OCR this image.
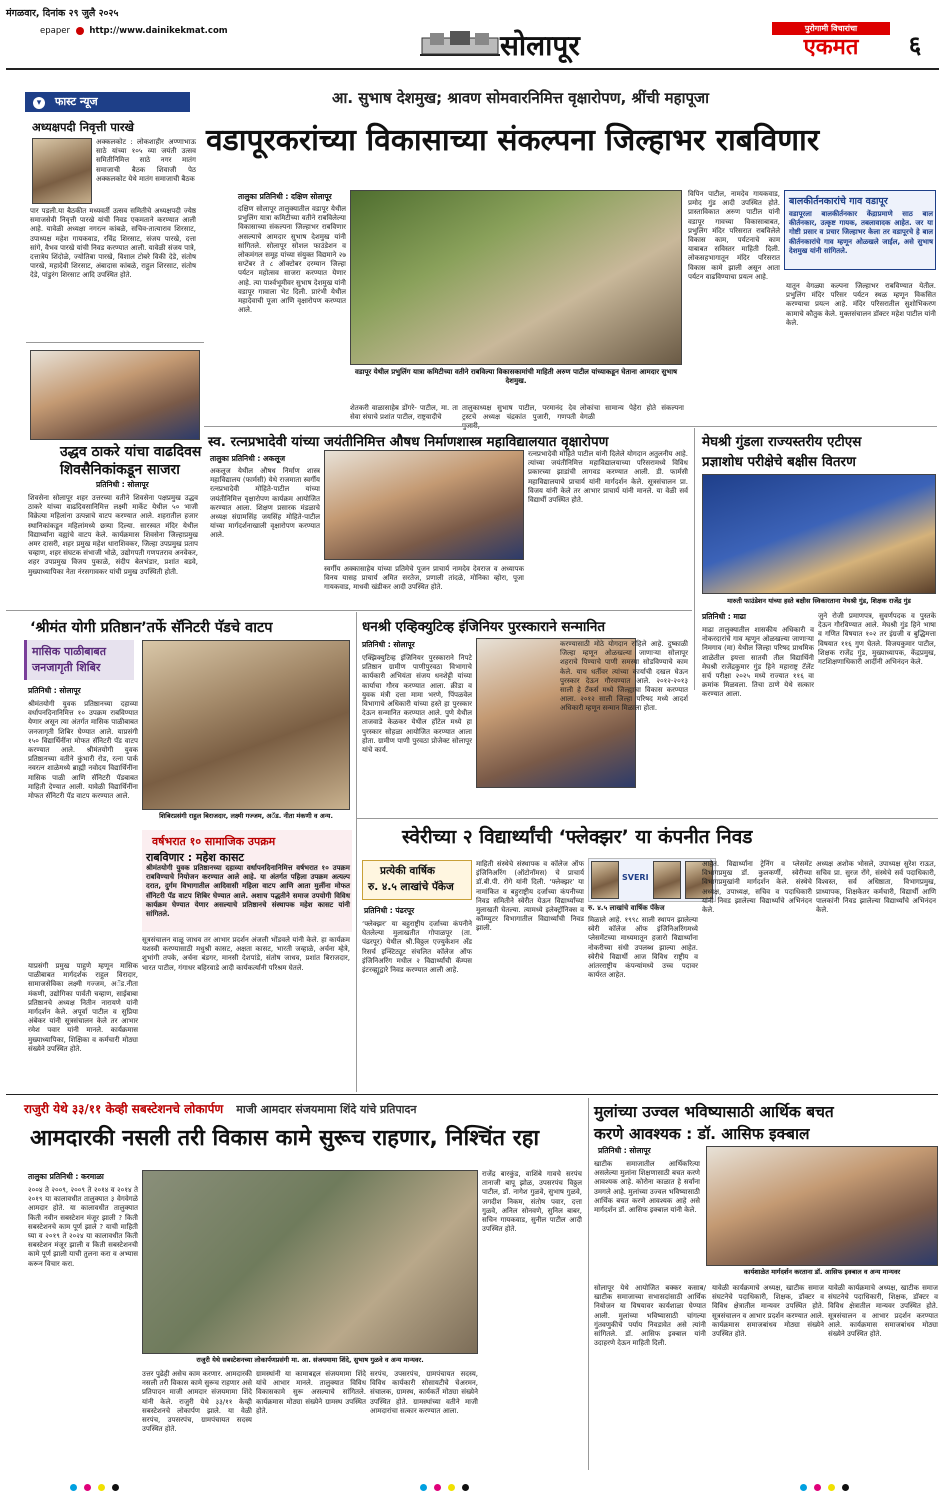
मंगळवार, दिनांक २९ जुलै २०२५
epaper http://www.dainikekmat.com	सोलापूर
पुरोगामी विचारांचा
एकमत	६
▾ फास्ट न्यूज
अध्यक्षपदी निवृत्ती पारखे
अक्कलकोट : लोकशाहीर अण्णाभाऊ साठे यांच्या १०५ व्या जयंती उत्सव समितीनिमित्त साठे नगर मातंग समाजाची बैठक शिवाजी पेठ अक्कलकोट येथे मातंग समाजाची बैठक
पार पडली.या बैठकीत मध्यवर्ती उत्सव समितीचे अध्यक्षपदी ज्येष्ठ समाजसेवी निवृत्ती पारखे यांची निवड एकमताने करण्यात आली आहे. यावेळी अध्यक्षा नगरत्न कांबळे, सचिव-तात्याराव शिरसाट, उपाध्यक्ष महेश गायकवाड, रविंद्र शिरसाट, संजय पारखे, दत्ता सांगे, वैभव पारखे यांची निवड करण्यात आली. यावेळी संजय पात्रे, दत्तात्रेय शिंदोळे, ज्योतिबा पारखे, विशाल टोबरे विकी देडे, संतोष पारखे, महादेवी शिरसाट, अंबादास कांबळे, राहुल शिरसाट, संतोष देडे, पांडुरंग शिरसाट आदि उपस्थित होते.
आ. सुभाष देशमुख; श्रावण सोमवारनिमित्त वृक्षारोपण, श्रींची महापूजा
वडापूरकरांच्या विकासाच्या संकल्पना जिल्हाभर राबविणार
तालुका प्रतिनिधी : दक्षिण सोलापूर
दक्षिण सोलापूर तालुक्यातील वडापूर येथील प्रभुलिंग यात्रा कमिटीच्या वतीने राबविलेल्या विकासाच्या संकल्पना जिल्हाभर राबविणार असल्याचे आमदार सुभाष देशमुख यांनी सांगितले. सोलापूर सोशल फाउंडेशन व लोकमंगल समूह यांच्या संयुक्त विद्यमाने २७ सप्टेंबर ते ८ ऑक्टोबर दरम्यान जिल्हा पर्यटन महोत्सव साजरा करण्यात येणार आहे. त्या पार्श्वभूमीवर सुभाष देशमुख यांनी वडापूर गावाला भेट दिली. प्रारंभी येथील महादेवाची पूजा आणि वृक्षारोपण करण्यात आले.
वडापूर येथील प्रभुलिंग यात्रा कमिटीच्या वतीने राबविल्या विकासकामांची माहिती अरुण पाटील यांच्याकडून घेताना आमदार सुभाष देशमुख.
विपिन पाटील, नामदेव गायकवाड, प्रमोद गुंड आदी उपस्थित होते. प्रास्ताविकात अरुण पाटील यांनी वडापूर गावच्या विकासाबाबत, प्रभुलिंग मंदिर परिसरात राबविलेले विकास काम, पर्यटनाचे काम याबाबत सविस्तर माहिती दिली. लोकसहभागातून मंदिर परिसरात विकास कामे झाली असून आता पर्यटन वाढविण्याचा प्रयत्न आहे.
शेतकरी वाळासाहेब डोंगरे- पाटील, मा. ता सेवा संघाचे प्रशांत पाटील, राष्ट्रवादीचे
तालुकाध्यक्ष सुभाष पाटील, परमानंद देव ट्रस्टचे अध्यक्ष चंद्रकांत पुजारी, गणपती
लोकांचा सामान्य पेहेरा होते संकल्पना वेगळी
बालकीर्तनकारांचे गाव वडापूर
वडापूरला बालकीर्तनकार केंद्राप्रमाणे साठ बाल कीर्तनकार, उत्कृष्ट गायक, तबलावादक आहेत. जर या गोष्टी प्रसार व प्रचार जिल्हाभर केला तर वडापूरचे हे बाल कीर्तनकारांचे गाव म्हणून ओळखले जाईल, असे सुभाष देशमुख यांनी सांगितले.
यातून वेगळ्या कल्पना जिल्हाभर राबविण्यात येतील. प्रभुलिंग मंदिर परिसर पर्यटन स्थळ म्हणून विकसित करण्याचा प्रयत्न आहे. मंदिर परिसरातील सुशोभिकरण कामाचे कौतुक केले. मुक्तसंचालन डॉक्टर महेश पाटील यांनी केले.
उद्धव ठाकरे यांचा वाढदिवस
शिवसैनिकांकडून साजरा
प्रतिनिधी : सोलापूर
शिवसेना सोलापूर शहर उत्तरच्या वतीने शिवसेना पक्षप्रमुख उद्धव ठाकरे यांच्या वाढदिवसानिमित्त लक्ष्मी मार्केट येथील ५० भाजी विक्रेत्या महिलांना उत्पन्नाचे वाटप करण्यात आले. शहरातील हजार स्थानिकांकडून महिलांमध्ये छत्र्या दिल्या. सारस्वत मंदिर येथील विद्यार्थ्यांना वह्यांचे वाटप केले. कार्यक्रमास शिवसेना जिल्हाप्रमुख अमर दासरी, शहर प्रमुख महेश धाराशिवकर, जिल्हा उपप्रमुख प्रताप चव्हाण, शहर संघटक संभाजी भोळे, उद्योगपती गणपतराव अनवेकर, शहर उपप्रमुख विजय पुकाळे, संदीप बेलभंडार, प्रशांत बडवे, मुख्याध्यापिका नेता नंरसगावकर यांची प्रमुख उपस्थिती होती.
स्व. रत्नप्रभादेवी यांच्या जयंतीनिमित्त औषध निर्माणशास्त्र महाविद्यालयात वृक्षारोपण
तालुका प्रतिनिधी : अकलूज
अकलूज येथील औषध निर्माण शास्त्र महाविद्यालय (फार्मसी) येथे राजमाता स्वर्गीय रत्नप्रभादेवी मोहिते-पाटील यांच्या जयंतीनिमित्त वृक्षारोपण कार्यक्रम आयोजित करण्यात आला. शिक्षण प्रसारक मंडळाचे अध्यक्ष संग्रामसिंह जयसिंह मोहिते-पाटील यांच्या मार्गदर्शनाखाली वृक्षारोपण करण्यात आले.
स्वर्गीय अक्कासाहेब यांच्या प्रतिमेचे पूजन प्राचार्य नामदेव देवराज व अध्यापक विनय यासह प्राचार्य अमित सरतेज, प्रणाली तांदळे, मोनिका व्होरा, पूजा गायकवाड, माधवी खंडीकर आदी उपस्थित होते.
रत्नप्रभादेवी मोहिते पाटील यांनी दिलेले योगदान अतुलनीय आहे. त्यांच्या जयंतीनिमित्त महाविद्यालयाच्या परिसरामध्ये विविध प्रकारच्या झाडांची लागवड करण्यात आली. डी. फार्मसी महाविद्यालयाचे प्राचार्य यांनी मार्गदर्शन केले. सूत्रसंचालन प्रा. विजय यांनी केले तर आभार प्राचार्य यांनी मानले. या वेळी सर्व विद्यार्थी उपस्थित होते.
मेघश्री गुंडला राज्यस्तरीय एटीएस
प्रज्ञाशोध परीक्षेचे बक्षीस वितरण
मारुती फाउंडेशन यांच्या हस्ते बक्षीस स्विकारताना मेघश्री गुंड, शिक्षक राजेंद्र गुंड
प्रतिनिधी : माढा
माढा तालुक्यातील शासकीय अधिकारी व नोकरदारांचे गाव म्हणून ओळखल्या जाणाऱ्या निमगाव (मा) येथील जिल्हा परिषद प्राथमिक शाळेतील इयत्ता सातवी तील विद्यार्थिनी मेघश्री राजेंद्रकुमार गुंड हिने महाराष्ट्र टॅलेंट सर्च परीक्षा २०२५ मध्ये राज्यात ११६ वा क्रमांक मिळवला. तिचा ठाणे येथे सत्कार करण्यात आला.
जुने रोजी प्रमाणपत्र, सुवर्णपदक व पुस्तके देऊन गौरविण्यात आले. मेघश्री गुंड हिने भाषा व गणित विषयात १०२ तर इंग्रजी व बुद्धिमत्ता विषयात ११६ गुण घेतले. विजयकुमार पाटील, शिक्षक राजेंद्र गुंड, मुख्याध्यापक, केंद्रप्रमुख, गटशिक्षणाधिकारी आदींनी अभिनंदन केले.
‘श्रीमंत योगी प्रतिष्ठान’तर्फे सॅनिटरी पॅडचे वाटप
मासिक पाळीबाबत
जनजागृती शिबिर
प्रतिनिधी : सोलापूर
श्रीमंतयोगी युवक प्रतिष्ठानच्या दहाव्या वर्धापनदिनानिमित्त १० उपक्रम राबविण्यात येणार असून त्या अंतर्गत मासिक पाळीबाबत जनजागृती शिबिर घेण्यात आले. याप्रसंगी १५० विद्यार्थिनींना मोफत सॅनिटरी पॅड वाटप करण्यात आले. श्रीमंतयोगी युवक प्रतिष्ठानच्या वतीने कुंभारी रोड, रत्ना पार्क नवरत्न शाळेमध्ये ब्राह्मी नवोदय विद्यार्थिनींना मासिक पाळी आणि सॅनिटरी पॅडबाबत माहिती देण्यात आली. यावेळी विद्यार्थिनींना मोफत सॅनिटरी पॅड वाटप करण्यात आले.
याप्रसंगी प्रमुख पाहुणे म्हणून मासिक पाळीबाबत मार्गदर्शक राहुल विरादार, सामाजसेविका लक्ष्मी गज्जम, अॅड.नीता मंकणी, उद्योगिका पार्वती चव्हाण, साईबाबा प्रतिष्ठानचे अध्यक्ष नितीन नारायणे यांनी मार्गदर्शन केले. अपूर्वा पाटील व सुप्रिया अंबेकर यांनी सूत्रसंचालन केले तर आभार रमेश पवार यांनी मानले. कार्यक्रमास मुख्याध्यापिका, शिक्षिका व कर्मचारी मोठ्या संख्येने उपस्थित होते.
शिबिरप्रसंगी राहुल बिराजदार, लक्ष्मी गज्जम, अॅड. नीता मंकणी व अन्य.
वर्षभरात १० सामाजिक उपक्रम
राबविणार : महेश कासट
श्रीमंतयोगी युवक प्रतिष्ठानच्या दहाव्या वर्धापनदिनानिमित्त वर्षभरात १० उपक्रम राबविण्याचे नियोजन करण्यात आले आहे. या अंतर्गत पहिला उपक्रम अत्यल्प दरात, दुर्गम विभागातील आदिवासी महिला वाटप आणि आता मुलींना मोफत सॅनिटरी पॅड वाटप शिबिर घेण्यात आले. अशाच पद्धतीने समाज उपयोगी विविध कार्यक्रम घेण्यात येणार असल्याचे प्रतिष्ठानचे संस्थापक महेश कासट यांनी सांगितले.
सूत्रसंचालन वाळू जाधव तर आभार प्रदर्शन अंजली भोंडवले यांनी केले. हा कार्यक्रम यशस्वी करण्यासाठी मधुश्री कासट, अक्षता कासट, भारती जव्हाळे, अर्चना म्हेत्रे, शुभांगी तपके, अर्चना बंडगर, मानसी देशपांडे, संतोष जाधव, प्रशांत बिराजदार, भारत पाटील, गंगाधर बहिरवाडे आदी कार्यकर्त्यांनी परिश्रम घेतले.
धनश्री एव्हिक्युटिव्ह इंजिनियर पुरस्काराने सन्मानित
प्रतिनिधी : सोलापूर
एक्झिक्युटिव्ह इंजिनियर पुरस्काराने निपटे प्रतिष्ठान ग्रामीण पाणीपुरवठा विभागाचे कार्यकारी अभियंता संजय धनशेट्टी यांच्या कार्याचा गौरव करण्यात आला. क्रीडा व युवक मंत्री दत्ता मामा भरणे, पिंपळवेल विभागाचे अधिकारी यांच्या हस्ते हा पुरस्कार देऊन सन्मानित करण्यात आले. पुणे येथील ताजवाडे केळकर येथील हॉटेल मध्ये हा पुरस्कार सोहळा आयोजित करण्यात आला होता. ग्रामीण पाणी पुरवठा प्रोजेक्ट सोलापूर यांचे कार्य.
करण्यासाठी मोठे योगदान राहिले आहे. दुष्काळी जिल्हा म्हणून ओळखल्या जाणाऱ्या सोलापूर शहराचे पिण्याचे पाणी समस्या सोडविण्याचे काम केले. याच धर्तीवर त्यांच्या कार्याची दखल घेऊन पुरस्कार देऊन गौरवण्यात आले. २०१२-२०१३ साली हे टँकर्स मध्ये जिल्ह्याचा विकास करण्यात आला. २०१२ साली जिल्हा परिषद मध्ये आदर्श अधिकारी म्हणून सन्मान मिळाला होता.
स्वेरीच्या २ विद्यार्थ्यांची ‘फ्लेक्झर’ या कंपनीत निवड
प्रत्येकी वार्षिक
रु. ४.५ लाखांचे पॅकेज
प्रतिनिधी : पंढरपूर
‘फ्लेक्झर’ या बहुराष्ट्रीय दर्जाच्या कंपनीने घेतलेल्या मुलाखतीत गोपाळपूर (ता. पंढरपूर) येथील श्री.विठ्ठल एज्युकेशन अँड रिसर्च इन्स्टिट्यूट संचलित कॉलेज ऑफ इंजिनिअरिंग मधील २ विद्यार्थ्यांची कॅम्पस इंटरव्ह्यूद्वारे निवड करण्यात आली आहे.
माहिती संस्थेचे संस्थापक व कॉलेज ऑफ इंजिनिअरिंग (ऑटोनॉमस) चे प्राचार्य डॉ.बी.पी. रोंगे यांनी दिली. ‘फ्लेक्झर’ या नामांकित व बहुराष्ट्रीय दर्जाच्या कंपनीच्या निवड समितीने स्वेरीत येऊन विद्यार्थ्यांच्या मुलाखती घेतल्या. त्यामध्ये इलेक्ट्रॉनिक्स व कॉम्प्युटर विभागातील विद्यार्थ्यांची निवड झाली.
SVERI
रु. ४.५ लाखांचे वार्षिक पॅकेज
मिळाले आहे. १९९८ साली स्थापन झालेल्या स्वेरी कॉलेज ऑफ इंजिनिअरिंगमध्ये प्लेसमेंटच्या माध्यमातून हजारो विद्यार्थ्यांना नोकरीच्या संधी उपलब्ध झाल्या आहेत. स्वेरीचे विद्यार्थी आज विविध राष्ट्रीय व आंतरराष्ट्रीय कंपन्यांमध्ये उच्च पदावर कार्यरत आहेत.
आहेत. विद्यार्थ्यांना ट्रेनिंग व प्लेसमेंट विभागप्रमुख डॉ. कुलकर्णी, स्वेरीच्या विभागप्रमुखांनी मार्गदर्शन केले. संस्थेचे अध्यक्ष, उपाध्यक्ष, सचिव व पदाधिकारी यांनी निवड झालेल्या विद्यार्थ्यांचे अभिनंदन केले.
अध्यक्ष अशोक भोसले, उपाध्यक्ष सुरेश राऊत, सचिव प्रा. सुरज रोंगे, संस्थेचे सर्व पदाधिकारी, विश्वस्त, सर्व अधिष्ठाता, विभागप्रमुख, प्राध्यापक, शिक्षकेतर कर्मचारी, विद्यार्थी आणि पालकांनी निवड झालेल्या विद्यार्थ्यांचे अभिनंदन केले.
राजुरी येथे ३३/११ केव्ही सबस्टेशनचे लोकार्पण माजी आमदार संजयमामा शिंदे यांचे प्रतिपादन
आमदारकी नसली तरी विकास कामे सुरूच राहणार, निश्चिंत रहा
तालुका प्रतिनिधी : करमाळा
२००४ ते २००९, २००९ ते २०१४ व २०१४ ते २०१९ या कालावधीत तालुक्यात ३ वेगवेगळे आमदार होते. या कालावधीत तालुक्यात किती नवीन सबस्टेशन मंजूर झाली ? किती सबस्टेशनचे काम पूर्ण झाले ? याची माहिती घ्या व २०१९ ते २०२४ या कालावधीत किती सबस्टेशन मंजूर झाली व किती सबस्टेशनची कामे पूर्ण झाली याची तुलना करा व अभ्यास करून विचार करा.
राजुरी येथे सबस्टेशनच्या लोकार्पणप्रसंगी मा. आ. संजयमामा शिंदे, सुभाष गुळवे व अन्य मान्यवर.
उत्तर पुढेही असेच काम करणार. आमदारकी नसली तरी विकास कामे सुरूच राहणार असे प्रतिपादन माजी आमदार संजयमामा शिंदे यांनी केले. राजुरी येथे ३३/११ केव्ही सबस्टेशनचे लोकार्पण झाले. या वेळी सरपंच, उपसरपंच, ग्रामपंचायत सदस्य उपस्थित होते.
ग्रामस्थांनी या कामाबद्दल संजयमामा शिंदे यांचे आभार मानले. तालुक्यात विविध विकासकामे सुरू असल्याचे सांगितले. कार्यक्रमास मोठ्या संख्येने ग्रामस्थ उपस्थित होते.
राजेंद्र बारकुंड, वाशिंबे गावचे सरपंच तानाजी बापू झोळ, उपसरपंच विठ्ठल पाटील, डॉ. नागेश गुळवे, सुभाष गुळवे, जगदीश निकम, संतोष पवार, दत्ता गुळवे, अनिल सोनवणे, सुनिल बाबर, सचिन गायकवाड, सुनील पाटील आदी उपस्थित होते.
सरपंच, उपसरपंच, ग्रामपंचायत सदस्य, विविध कार्यकारी सोसायटीचे चेअरमन, संचालक, ग्रामस्थ, कार्यकर्ते मोठ्या संख्येने उपस्थित होते. ग्रामस्थांच्या वतीने माजी आमदारांचा सत्कार करण्यात आला.
मुलांच्या उज्वल भविष्यासाठी आर्थिक बचत
करणे आवश्यक : डॉ. आसिफ इक्बाल
प्रतिनिधी : सोलापूर
खाटीक समाजातील आर्थिकरित्या असलेल्या मुलांना शिक्षणासाठी बचत करणे आवश्यक आहे. कोरोना काळात हे सर्वांना उमगले आहे. मुलांच्या उज्वल भविष्यासाठी आर्थिक बचत करणे आवश्यक आहे असे मार्गदर्शन डॉ. आसिफ इक्बाल यांनी केले.
कार्यशाळेत मार्गदर्शन करताना डॉ. आसिफ इक्बाल व अन्य मान्यवर
सोलापूर येथे आयोजित बक्कर कसाब/खाटीक समाजाच्या सभासदांसाठी आर्थिक नियोजन या विषयावर कार्यशाळा घेण्यात आली. मुलांच्या भविष्यासाठी चांगल्या गुंतवणुकीचे पर्याय निवडावेत असे त्यांनी सांगितले. डॉ. आसिफ इक्बाल यांनी उदाहरणे देऊन माहिती दिली.
यावेळी कार्यक्रमाचे अध्यक्ष, खाटीक समाज संघटनेचे पदाधिकारी, शिक्षक, डॉक्टर व विविध क्षेत्रातील मान्यवर उपस्थित होते. सूत्रसंचालन व आभार प्रदर्शन करण्यात आले. कार्यक्रमास समाजबांधव मोठ्या संख्येने उपस्थित होते.
यावेळी कार्यक्रमाचे अध्यक्ष, खाटीक समाज संघटनेचे पदाधिकारी, शिक्षक, डॉक्टर व विविध क्षेत्रातील मान्यवर उपस्थित होते. सूत्रसंचालन व आभार प्रदर्शन करण्यात आले. कार्यक्रमास समाजबांधव मोठ्या संख्येने उपस्थित होते.
